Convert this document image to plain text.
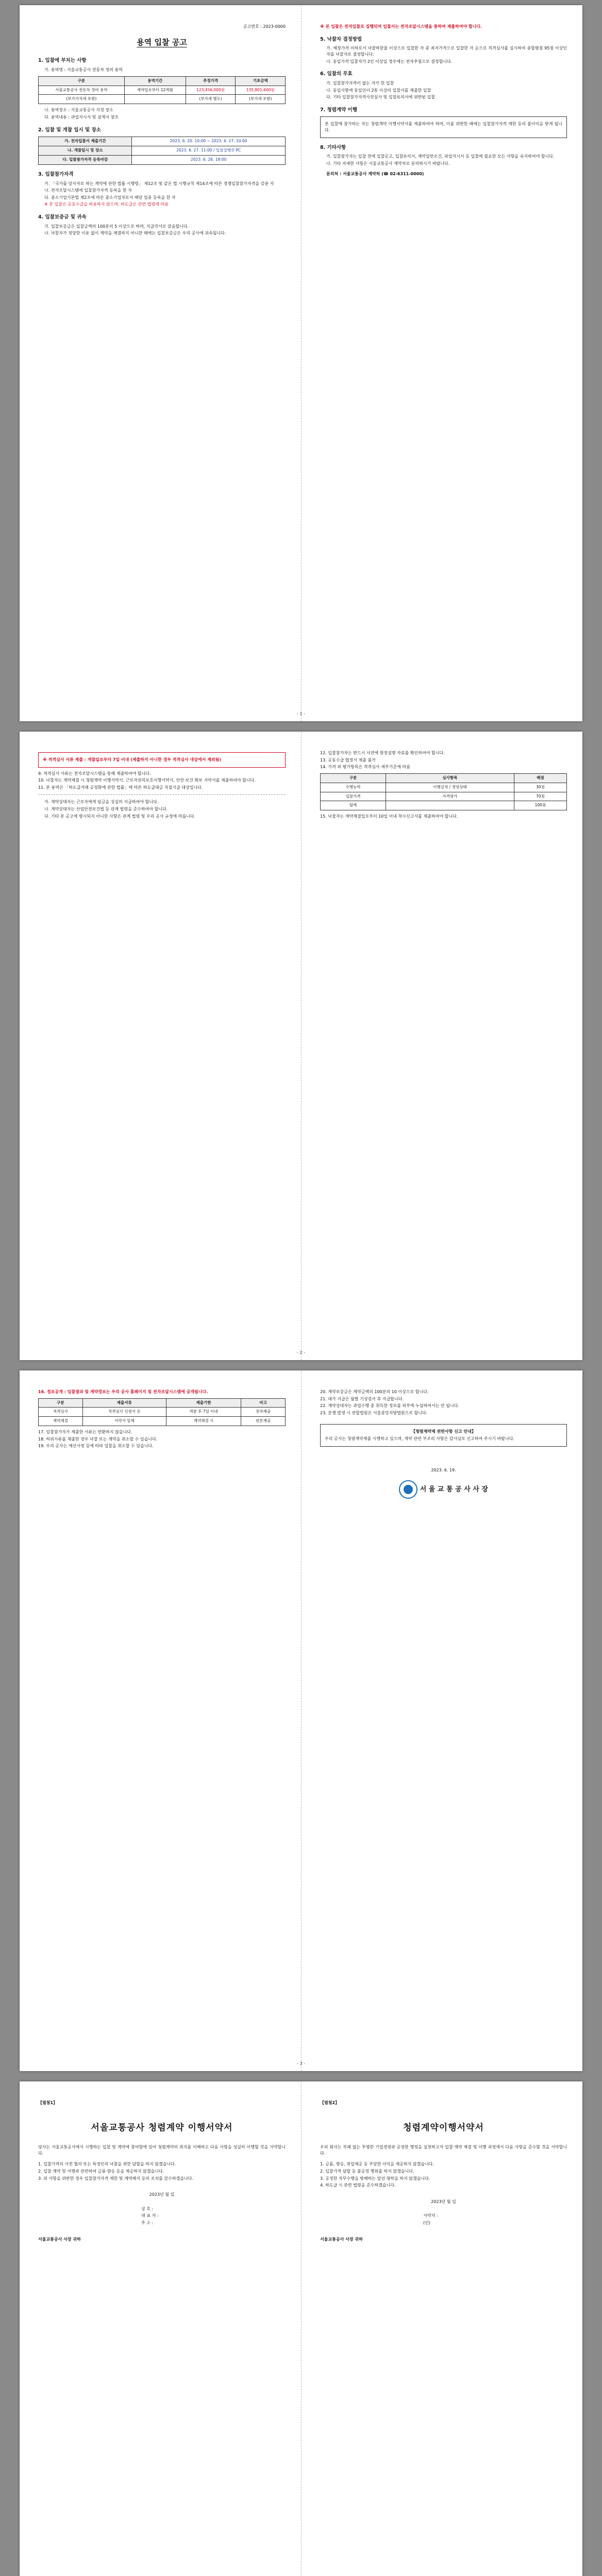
공고번호 : 2023-0000

용역 입찰 공고
1. 입찰에 부치는 사항

가. 용역명 : 서울교통공사 전동차 정비 용역

구분	용역기간	추정가격	기초금액
서울교통공사 전동차 정비 용역	계약일로부터 12개월	123,456,000원	135,801,600원
(부가가치세 포함)		(부가세 별도)	(부가세 포함)

나. 용역장소 : 서울교통공사 지정 장소

다. 용역내용 : 과업지시서 및 설계서 참조

2. 입찰 및 개찰 일시 및 장소
가. 전자입찰서 제출기간	2023. 6. 20. 10:00 ~ 2023. 6. 27. 10:00
나. 개찰일시 및 장소	2023. 6. 27. 11:00 / 입찰집행관 PC
다. 입찰참가자격 등록마감	2023. 6. 26. 18:00
3. 입찰참가자격

가. 「국가를 당사자로 하는 계약에 관한 법률 시행령」 제12조 및 같은 법 시행규칙 제14조에 따른 경쟁입찰참가자격을 갖춘 자

나. 전자조달시스템에 입찰참가자격 등록을 한 자

다. 중소기업기본법 제2조에 따른 중소기업자로서 해당 업종 등록을 한 자

※ 본 입찰은 공동수급을 허용하지 않으며, 하도급은 관련 법령에 따름

4. 입찰보증금 및 귀속

가. 입찰보증금은 입찰금액의 100분의 5 이상으로 하며, 지급각서로 갈음합니다.

나. 낙찰자가 정당한 이유 없이 계약을 체결하지 아니한 때에는 입찰보증금은 우리 공사에 귀속됩니다.

※ 본 입찰은 전자입찰로 집행되며 입찰서는 전자조달시스템을 통하여 제출하여야 합니다.

5. 낙찰자 결정방법

가. 예정가격 이하로서 낙찰하한율 이상으로 입찰한 자 중 최저가격으로 입찰한 자 순으로 적격심사를 실시하여 종합평점 95점 이상인 자를 낙찰자로 결정합니다.

나. 동일가격 입찰자가 2인 이상일 경우에는 전자추첨으로 결정합니다.

6. 입찰의 무효

가. 입찰참가자격이 없는 자가 한 입찰

나. 동일사항에 동일인이 2통 이상의 입찰서를 제출한 입찰

다. 기타 입찰참가자격사전심사 및 입찰유의서에 위반된 입찰

7. 청렴계약 이행

본 입찰에 참가하는 자는 청렴계약 이행서약서를 제출하여야 하며, 이를 위반한 때에는 입찰참가자격 제한 등의 불이익을 받게 됩니다.

8. 기타사항

가. 입찰참가자는 입찰 전에 입찰공고, 입찰유의서, 계약일반조건, 과업지시서 등 입찰에 필요한 모든 사항을 숙지하여야 합니다.

나. 기타 자세한 사항은 서울교통공사 계약처로 문의하시기 바랍니다.

문의처 : 서울교통공사 계약처 (☎ 02-6311-0000)

- 1 -

※ 적격심사 서류 제출 : 개찰일로부터 7일 이내 (제출하지 아니한 경우 적격심사 대상에서 제외됨)

9. 적격심사 서류는 전자조달시스템을 통해 제출하여야 합니다.

10. 낙찰자는 계약체결 시 청렴계약 이행서약서, 근로자권리보호이행서약서, 안전·보건 확보 서약서를 제출하여야 합니다.

11. 본 용역은 「하도급거래 공정화에 관한 법률」에 따른 하도급대금 직접지급 대상입니다.

가. 계약상대자는 근로자에게 임금을 성실히 지급하여야 합니다.

나. 계약상대자는 산업안전보건법 등 관계 법령을 준수하여야 합니다.

다. 기타 본 공고에 명시되지 아니한 사항은 관계 법령 및 우리 공사 규정에 따릅니다.

12. 입찰참가자는 반드시 사전에 현장설명 자료를 확인하여야 합니다.

13. 공동수급 협정서 제출 불가

14. 가격 외 평가항목은 적격심사 세부기준에 따름

구분	심사항목	배점
수행능력	이행실적 / 경영상태	30점
입찰가격	가격평가	70점
합계		100점

15. 낙찰자는 계약체결일로부터 10일 이내 착수신고서를 제출하여야 합니다.

- 2 -

16. 정보공개 : 입찰결과 및 계약정보는 우리 공사 홈페이지 및 전자조달시스템에 공개됩니다.

구분	제출서류	제출기한	비고
적격심사	적격심사 신청서 등	개찰 후 7일 이내	전자제출
계약체결	서약서 일체	계약체결 시	원본제출

17. 입찰참가자가 제출한 서류는 반환하지 않습니다.

18. 허위서류를 제출한 경우 낙찰 또는 계약을 취소할 수 있습니다.

19. 우리 공사는 예산사정 등에 따라 입찰을 취소할 수 있습니다.

20. 계약보증금은 계약금액의 100분의 10 이상으로 합니다.

21. 대가 지급은 월별 기성검사 후 지급합니다.

22. 계약상대자는 과업수행 중 취득한 정보를 외부에 누설하여서는 안 됩니다.

23. 분쟁 발생 시 관할법원은 서울중앙지방법원으로 합니다.

【청렴계약제 위반사항 신고 안내】

우리 공사는 청렴계약제를 시행하고 있으며, 계약 관련 부조리 사항은 감사실로 신고하여 주시기 바랍니다.

2023. 6. 19.

서 울 교 통 공 사 사 장

- 3 -

【별첨1】

서울교통공사 청렴계약 이행서약서

당사는 서울교통공사에서 시행하는 입찰 및 계약에 참여함에 있어 청렴계약의 취지를 이해하고 다음 사항을 성실히 이행할 것을 서약합니다.

1. 입찰가격의 사전 협의 또는 특정인의 낙찰을 위한 담합을 하지 않겠습니다.

2. 입찰·계약 및 이행과 관련하여 금품·향응 등을 제공하지 않겠습니다.

3. 위 사항을 위반한 경우 입찰참가자격 제한 및 계약해지 등의 조치를 감수하겠습니다.

2023년 월 일

상 호 :

대 표 자 :

주 소 :

서울교통공사 사장 귀하

【별첨2】

청렴계약이행서약서

우리 회사는 부패 없는 투명한 기업경영과 공정한 행정을 실천하고자 입찰·계약 체결 및 이행 과정에서 다음 사항을 준수할 것을 서약합니다.

1. 금품, 향응, 취업제공 등 부당한 이익을 제공하지 않겠습니다.

2. 입찰가격 담합 등 불공정 행위를 하지 않겠습니다.

3. 공정한 직무수행을 방해하는 알선·청탁을 하지 않겠습니다.

4. 하도급 시 관련 법령을 준수하겠습니다.

2023년 월 일

서약자 :

(인)

서울교통공사 사장 귀하
